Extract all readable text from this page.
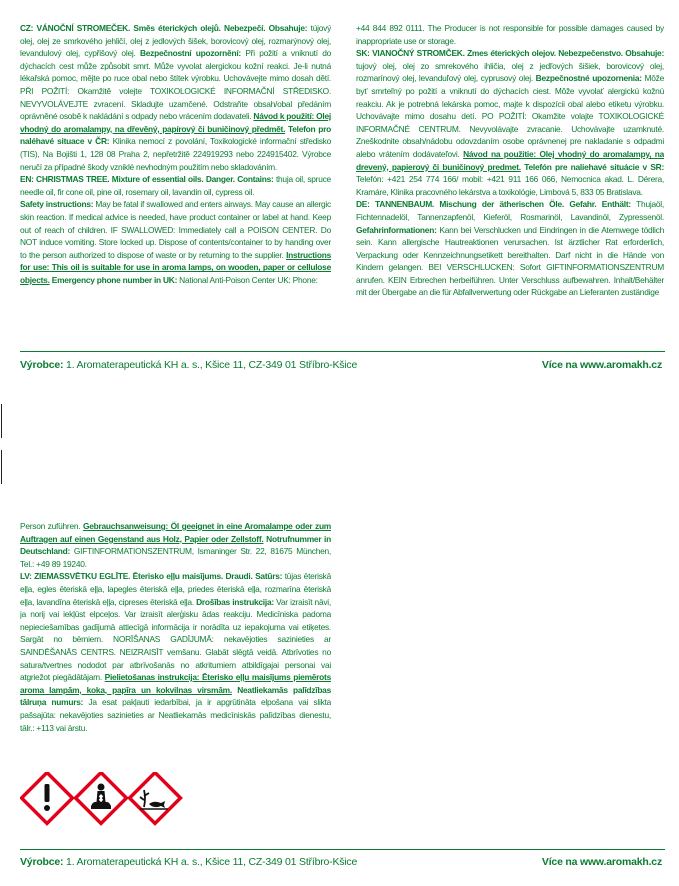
CZ: VÁNOČNÍ STROMEČEK. Směs éterických olejů. Nebezpečí. Obsahuje: tújový olej, olej ze smrkového jehličí, olej z jedlových šišek, borovicový olej, rozmarýnový olej, levandulový olej, cypřišový olej. Bezpečnostní upozornění: Při požití a vniknutí do dýchacích cest může způsobit smrt. Může vyvolat alergickou kožní reakci. Je-li nutná lékařská pomoc, mějte po ruce obal nebo štítek výrobku. Uchovávejte mimo dosah dětí. PŘI POŽITÍ: Okamžitě volejte TOXIKOLOGICKÉ INFORMAČNÍ STŘEDISKO. NEVYVOLÁVEJTE zvracení. Skladujte uzamčené. Odstraňte obsah/obal předáním oprávněné osobě k nakládání s odpady nebo vrácením dodavateli. Návod k použití: Olej vhodný do aromalampy, na dřevěný, papírový či buničinový předmět. Telefon pro naléhavé situace v ČR: Klinika nemocí z povolání, Toxikologické informační středisko (TIS), Na Bojišti 1, 128 08 Praha 2, nepřetržitě 224919293 nebo 224915402. Výrobce neručí za případné škody vzniklé nevhodným použitím nebo skladováním.

EN: CHRISTMAS TREE. Mixture of essential oils. Danger. Contains: thuja oil, spruce needle oil, fir cone oil, pine oil, rosemary oil, lavandin oil, cypress oil.

Safety instructions: May be fatal if swallowed and enters airways. May cause an allergic skin reaction. If medical advice is needed, have product container or label at hand. Keep out of reach of children. IF SWALLOWED: Immediately call a POISON CENTER. Do NOT induce vomiting. Store locked up. Dispose of contents/container to by handing over to the person authorized to dispose of waste or by returning to the supplier. Instructions for use: This oil is suitable for use in aroma lamps, on wooden, paper or cellulose objects. Emergency phone number in UK: National Anti-Poison Center UK: Phone:

+44 844 892 0111. The Producer is not responsible for possible damages caused by inappropriate use or storage.

SK: VIANOČNÝ STROMČEK. Zmes éterických olejov. Nebezpečenstvo. Obsahuje: tujový olej, olej zo smrekového ihličia, olej z jedľových šišiek, borovicový olej, rozmarínový olej, levanduľový olej, cyprusový olej. Bezpečnostné upozornenia: Môže byť smrteľný po požití a vniknutí do dýchacích ciest. Môže vyvolať alergickú kožnú reakciu. Ak je potrebná lekárska pomoc, majte k dispozícii obal alebo etiketu výrobku. Uchovávajte mimo dosahu detí. PO POŽITÍ: Okamžite volajte TOXIKOLOGICKÉ INFORMAČNÉ CENTRUM. Nevyvolávajte zvracanie. Uchovávajte uzamknuté. Zneškodnite obsah/nádobu odovzdaním osobe oprávnenej pre nakladanie s odpadmi alebo vrátením dodávateľovi. Návod na použitie: Olej vhodný do aromalampy, na drevený, papierový či buničinový predmet. Telefón pre naliehavé situácie v SR: Telefón: +421 254 774 166/ mobil: +421 911 166 066, Nemocnica akad. L. Dérera, Kramáre, Klinika pracovného lekárstva a toxikológie, Limbová 5, 833 05 Bratislava.

DE: TANNENBAUM. Mischung der ätherischen Öle. Gefahr. Enthält: Thujaöl, Fichtennadelöl, Tannenzapfenöl, Kieferöl, Rosmarinöl, Lavandinöl, Zypressenöl. Gefahrinformationen: Kann bei Verschlucken und Eindringen in die Atemwege tödlich sein. Kann allergische Hautreaktionen verursachen. Ist ärztlicher Rat erforderlich, Verpackung oder Kennzeichnungsetikett bereithalten. Darf nicht in die Hände von Kindern gelangen. BEI VERSCHLUCKEN: Sofort GIFTINFORMATIONSZENTRUM anrufen. KEIN Erbrechen herbeiführen. Unter Verschluss aufbewahren. Inhalt/Behälter mit der Übergabe an die für Abfallverwertung oder Rückgabe an Lieferanten zuständige

Výrobce: 1. Aromaterapeutická KH a. s., Kšice 11, CZ-349 01 Stříbro-Kšice	Více na www.aromakh.cz

Person zuführen. Gebrauchsanweisung: Öl geeignet in eine Aromalampe oder zum Auftragen auf einen Gegenstand aus Holz, Papier oder Zellstoff. Notrufnummer in Deutschland: GIFTINFORMATIONSZENTRUM, Ismaninger Str. 22, 81675 München, Tel.: +49 89 19240.

LV: ZIEMASSVĒTKU EGLĪTE. Ēterisko eļļu maisījums. Draudi. Satūrs: tūjas ēteriskā eļļa, egles ēteriskā eļļa, lapegles ēteriskā eļļa, priedes ēteriskā eļļa, rozmarīna ēteriskā eļļa, lavandīna ēteriskā eļļa, cipreses ēteriskā eļļa. Drošības instrukcija: Var izraisīt nāvi, ja norij vai iekļūst elpceļos. Var izraisīt alerģisku ādas reakciju. Medicīniska padoma nepieciešamības gadījumā attiecīgā informācija ir norādīta uz iepakojuma vai etiķetes. Sargāt no bērniem. NORĪŠANAS GADĪJUMĀ: nekavējoties sazinieties ar SAINDĒŠANĀS CENTRS. NEIZRAISĪT vemšanu. Glabāt slēgtā veidā. Atbrīvoties no satura/tvertnes nododot par atbrīvošanās no atkritumiem atbildīgajai personai vai atgriežot piegādātājam. Pielietošanas instrukcija: Ēterisko eļļu maisījums piemērots aroma lampām, koka, papīra un kokvilnas virsmām. Neatliekamās palīdzības tālruņa numurs: Ja esat pakļauti iedarbībai, ja ir apgrūtināta elpošana vai slikta pašsajūta: nekavējoties sazinieties ar Neatliekamās medicīniskās palīdzības dienestu, tālr.: +113 vai ārstu.

Výrobce: 1. Aromaterapeutická KH a. s., Kšice 11, CZ-349 01 Stříbro-Kšice	Více na www.aromakh.cz
